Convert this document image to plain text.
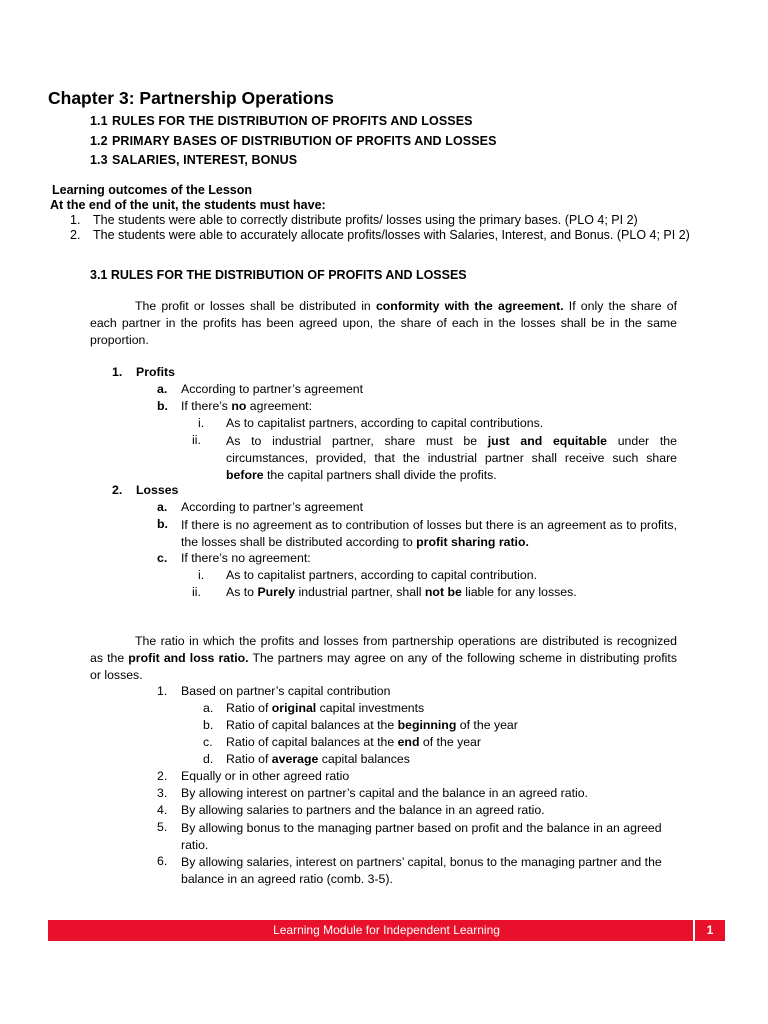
Chapter 3: Partnership Operations
1.1 RULES FOR THE DISTRIBUTION OF PROFITS AND LOSSES
1.2 PRIMARY BASES OF DISTRIBUTION OF PROFITS AND LOSSES
1.3 SALARIES, INTEREST, BONUS
Learning outcomes of the Lesson
At the end of the unit, the students must have:
1. The students were able to correctly distribute profits/ losses using the primary bases. (PLO 4; PI 2)
2. The students were able to accurately allocate profits/losses with Salaries, Interest, and Bonus. (PLO 4; PI 2)
3.1 RULES FOR THE DISTRIBUTION OF PROFITS AND LOSSES
The profit or losses shall be distributed in conformity with the agreement. If only the share of each partner in the profits has been agreed upon, the share of each in the losses shall be in the same proportion.
1. Profits
a. According to partner’s agreement
b. If there’s no agreement:
i. As to capitalist partners, according to capital contributions.
ii.	As to industrial partner, share must be just and equitable under the circumstances, provided, that the industrial partner shall receive such share before the capital partners shall divide the profits.
2. Losses
a. According to partner’s agreement
b.	If there is no agreement as to contribution of losses but there is an agreement as to profits, the losses shall be distributed according to profit sharing ratio.
c. If there’s no agreement:
i. As to capitalist partners, according to capital contribution.
ii. As to Purely industrial partner, shall not be liable for any losses.
The ratio in which the profits and losses from partnership operations are distributed is recognized as the profit and loss ratio. The partners may agree on any of the following scheme in distributing profits or losses.
1. Based on partner’s capital contribution
a. Ratio of original capital investments
b. Ratio of capital balances at the beginning of the year
c. Ratio of capital balances at the end of the year
d. Ratio of average capital balances
2. Equally or in other agreed ratio
3. By allowing interest on partner’s capital and the balance in an agreed ratio.
4. By allowing salaries to partners and the balance in an agreed ratio.
5.	By allowing bonus to the managing partner based on profit and the balance in an agreed ratio.
6.	By allowing salaries, interest on partners’ capital, bonus to the managing partner and the balance in an agreed ratio (comb. 3-5).
Learning Module for Independent Learning	1
